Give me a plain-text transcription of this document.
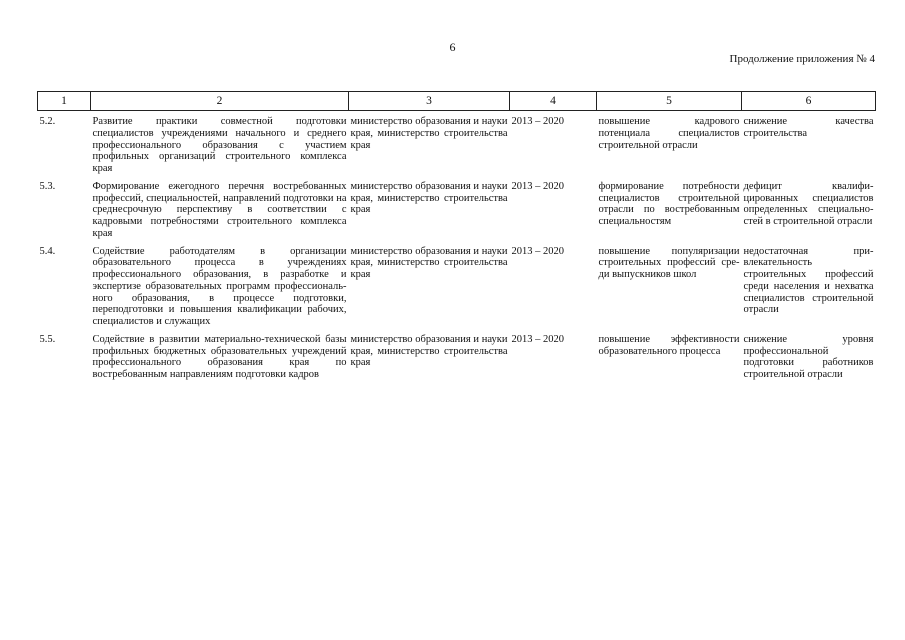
6
Продолжение приложения № 4
1	2	3	4	5	6
5.2.	Развитие практики совместной подготовки специалистов учреждениями начального и среднего профессионального образования с участием профильных организаций строительного комплекса края	министерство образования и науки края, министерство строительства края	2013 – 2020	повышение кадрового потенциала специалистов строительной отрасли	снижение качества строительства
5.3.	Формирование ежегодного перечня востребованных профессий, специальностей, направлений подготовки на среднесрочную перспективу в соответствии с кадровыми потребностями строительного комплекса края	министерство образования и науки края, министерство строительства края	2013 – 2020	формирование потребности специалистов строительной отрасли по востребованным специальностям	дефицит квалифицированных специалистов определенных специальностей в строительной отрасли
5.4.	Содействие работодателям в организации образовательного процесса в учреждениях профессионального образования, в разработке и экспертизе образовательных программ профессионального образования, в процессе подготовки, переподготовки и повышения квалификации рабочих, специалистов и служащих	министерство образования и науки края, министерство строительства края	2013 – 2020	повышение популяризации строительных профессий среди выпускников школ	недостаточная привлекательность строительных профессий среди населения и нехватка специалистов строительной отрасли
5.5.	Содействие в развитии материально-технической базы профильных бюджетных образовательных учреждений профессионального образования края по востребованным направлениям подготовки кадров	министерство образования и науки края, министерство строительства края	2013 – 2020	повышение эффективности образовательного процесса	снижение уровня профессиональной подготовки работников строительной отрасли
